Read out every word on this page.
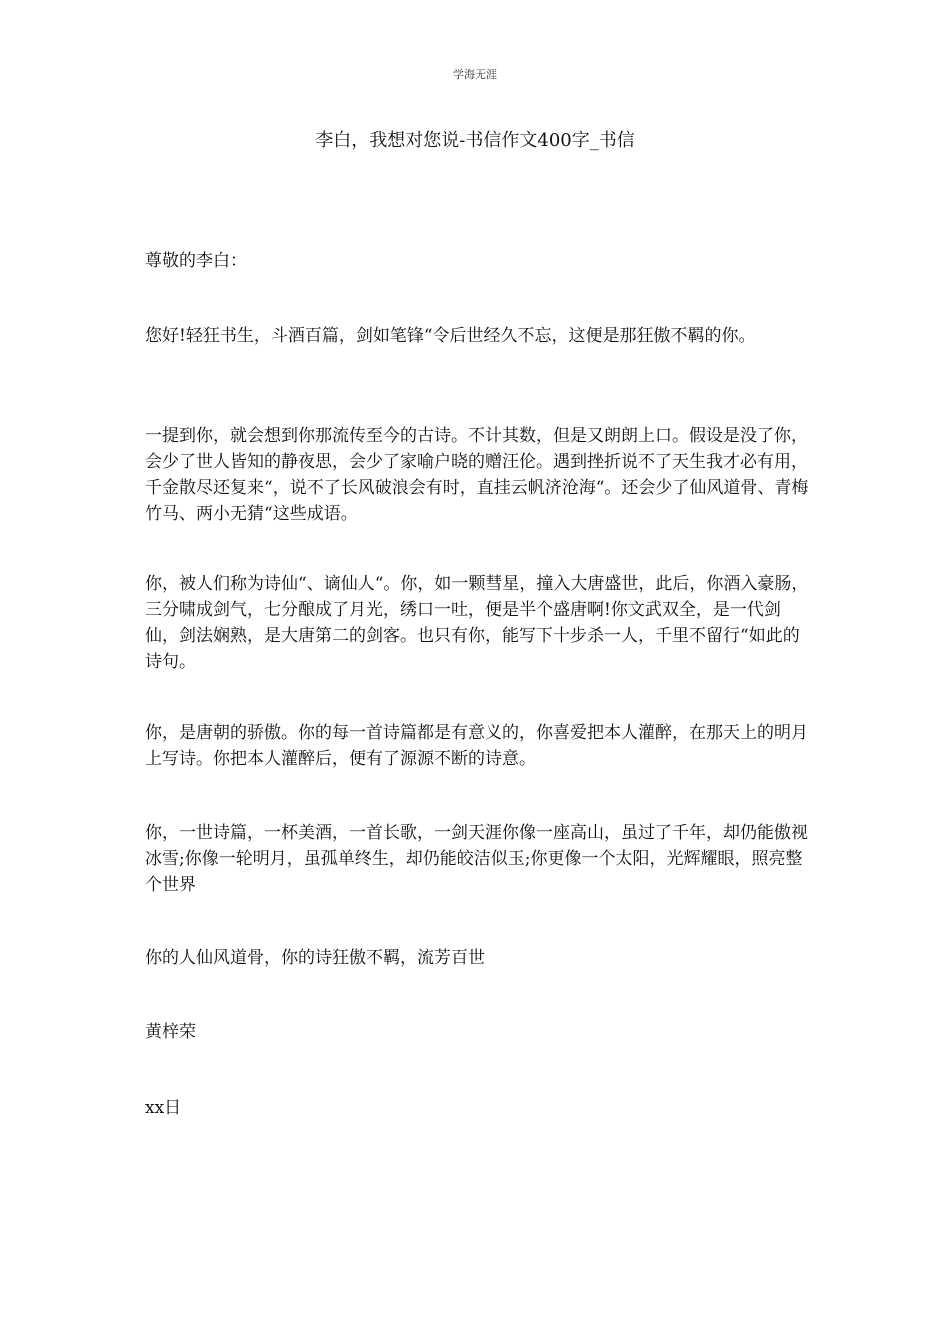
学海无涯
李白，我想对您说-书信作文400字_书信

尊敬的李白：

您好!轻狂书生，斗酒百篇，剑如笔锋“令后世经久不忘，这便是那狂傲不羁的你。

一提到你，就会想到你那流传至今的古诗。不计其数，但是又朗朗上口。假设是没了你，会少了世人皆知的静夜思，会少了家喻户晓的赠汪伦。遇到挫折说不了天生我才必有用，千金散尽还复来“，说不了长风破浪会有时，直挂云帆济沧海“。还会少了仙风道骨、青梅竹马、两小无猜“这些成语。

你，被人们称为诗仙“、谪仙人“。你，如一颗彗星，撞入大唐盛世，此后，你酒入豪肠，三分啸成剑气，七分酿成了月光，绣口一吐，便是半个盛唐啊!你文武双全，是一代剑仙，剑法娴熟，是大唐第二的剑客。也只有你，能写下十步杀一人，千里不留行“如此的诗句。

你，是唐朝的骄傲。你的每一首诗篇都是有意义的，你喜爱把本人灌醉，在那天上的明月上写诗。你把本人灌醉后，便有了源源不断的诗意。

你，一世诗篇，一杯美酒，一首长歌，一剑天涯你像一座高山，虽过了千年，却仍能傲视冰雪;你像一轮明月，虽孤单终生，却仍能皎洁似玉;你更像一个太阳，光辉耀眼，照亮整个世界

你的人仙风道骨，你的诗狂傲不羁，流芳百世

黄梓荣

xx日
